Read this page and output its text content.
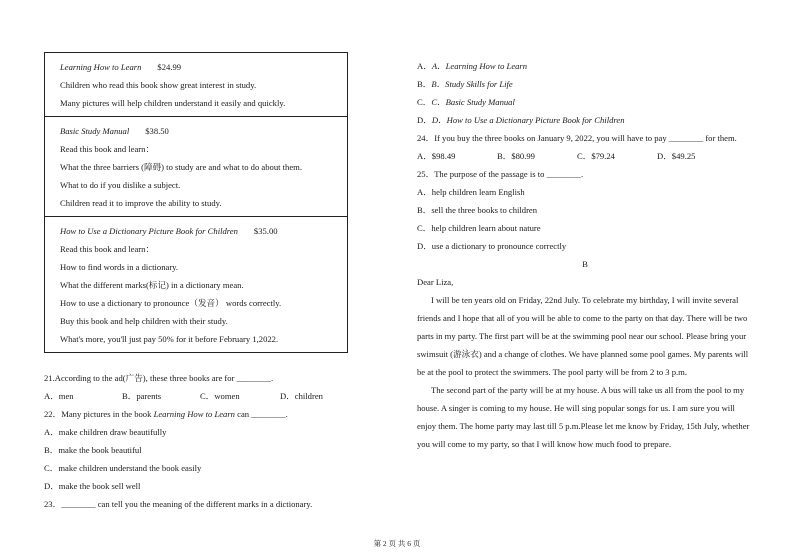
Learning How to Learn $24.99
Children who read this book show great interest in study.
Many pictures will help children understand it easily and quickly.
Basic Study Manual $38.50
Read this book and learn：
What the three barriers (障碍) to study are and what to do about them.
What to do if you dislike a subject.
Children read it to improve the ability to study.
How to Use a Dictionary Picture Book for Children $35.00
Read this book and learn：
How to find words in a dictionary.
What the different marks(标记) in a dictionary mean.
How to use a dictionary to pronounce（发音） words correctly.
Buy this book and help children with their study.
What's more, you'll just pay 50% for it before February 1,2022.
21.According to the ad(广告), these three books are for ________.
A．men	B．parents	C．women	D．children
22．Many pictures in the book Learning How to Learn can ________.
A．make children draw beautifully
B．make the book beautiful
C．make children understand the book easily
D．make the book sell well
23．________ can tell you the meaning of the different marks in a dictionary.
A．A．Learning How to Learn
B．B．Study Skills for Life
C．C．Basic Study Manual
D．D．How to Use a Dictionary Picture Book for Children
24．If you buy the three books on January 9, 2022, you will have to pay ________ for them.
A．$98.49	B．$80.99	C．$79.24	D．$49.25
25．The purpose of the passage is to ________.
A．help children learn English
B．sell the three books to children
C．help children learn about nature
D．use a dictionary to pronounce correctly
B

Dear Liza,

I will be ten years old on Friday, 22nd July. To celebrate my birthday, I will invite several friends and I hope that all of you will be able to come to the party on that day. There will be two parts in my party. The first part will be at the swimming pool near our school. Please bring your swimsuit (游泳衣) and a change of clothes. We have planned some pool games. My parents will be at the pool to protect the swimmers. The pool party will be from 2 to 3 p.m.

The second part of the party will be at my house. A bus will take us all from the pool to my house. A singer is coming to my house. He will sing popular songs for us. I am sure you will enjoy them. The home party may last till 5 p.m.Please let me know by Friday, 15th July, whether you will come to my party, so that I will know how much food to prepare.

第 2 页 共 6 页
